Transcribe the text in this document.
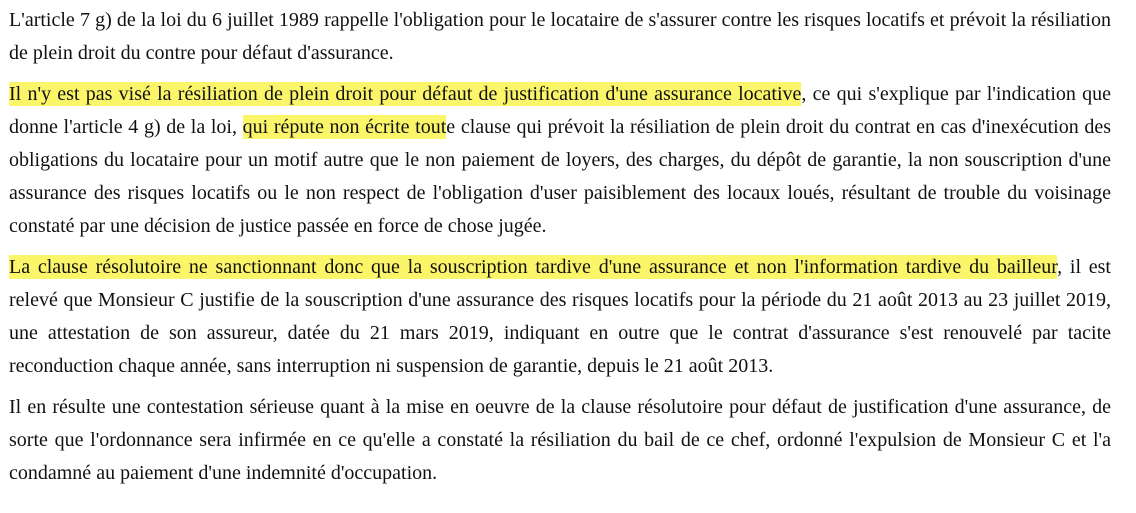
L'article 7 g) de la loi du 6 juillet 1989 rappelle l'obligation pour le locataire de s'assurer contre les risques locatifs et prévoit la résiliation de plein droit du contre pour défaut d'assurance.

Il n'y est pas visé la résiliation de plein droit pour défaut de justification d'une assurance locative, ce qui s'explique par l'indication que donne l'article 4 g) de la loi, qui répute non écrite toute clause qui prévoit la résiliation de plein droit du contrat en cas d'inexécution des obligations du locataire pour un motif autre que le non paiement de loyers, des charges, du dépôt de garantie, la non souscription d'une assurance des risques locatifs ou le non respect de l'obligation d'user paisiblement des locaux loués, résultant de trouble du voisinage constaté par une décision de justice passée en force de chose jugée.

La clause résolutoire ne sanctionnant donc que la souscription tardive d'une assurance et non l'information tardive du bailleur, il est relevé que Monsieur C justifie de la souscription d'une assurance des risques locatifs pour la période du 21 août 2013 au 23 juillet 2019, une attestation de son assureur, datée du 21 mars 2019, indiquant en outre que le contrat d'assurance s'est renouvelé par tacite reconduction chaque année, sans interruption ni suspension de garantie, depuis le 21 août 2013.

Il en résulte une contestation sérieuse quant à la mise en oeuvre de la clause résolutoire pour défaut de justification d'une assurance, de sorte que l'ordonnance sera infirmée en ce qu'elle a constaté la résiliation du bail de ce chef, ordonné l'expulsion de Monsieur C et l'a condamné au paiement d'une indemnité d'occupation.
